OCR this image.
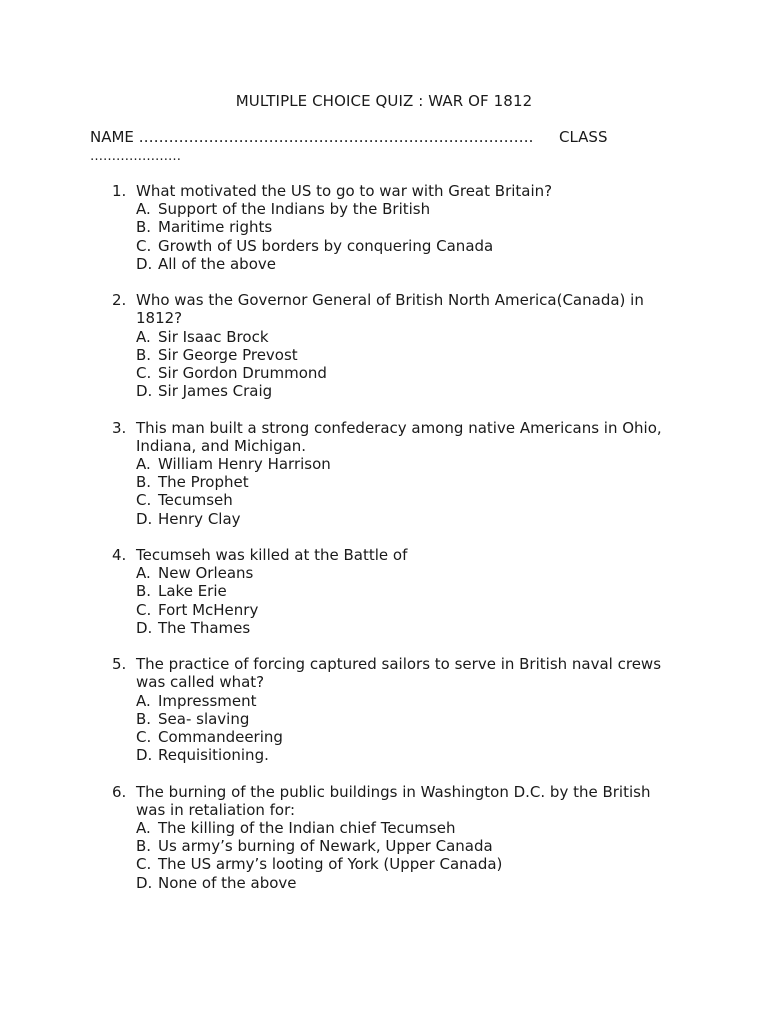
MULTIPLE CHOICE QUIZ : WAR OF 1812
NAME ……………………………………………………………………. CLASS
…………………
1. What motivated the US to go to war with Great Britain?
A. Support of the Indians by the British
B. Maritime rights
C. Growth of US borders by conquering Canada
D. All of the above
2. Who was the Governor General of British North America(Canada) in 1812?
A. Sir Isaac Brock
B. Sir George Prevost
C. Sir Gordon Drummond
D. Sir James Craig
3. This man built a strong confederacy among native Americans in Ohio, Indiana, and Michigan.
A. William Henry Harrison
B. The Prophet
C. Tecumseh
D. Henry Clay
4. Tecumseh was killed at the Battle of
A. New Orleans
B. Lake Erie
C. Fort McHenry
D. The Thames
5. The practice of forcing captured sailors to serve in British naval crews was called what?
A. Impressment
B. Sea- slaving
C. Commandeering
D. Requisitioning.
6. The burning of the public buildings in Washington D.C. by the British was in retaliation for:
A. The killing of the Indian chief Tecumseh
B. Us army’s burning of Newark, Upper Canada
C. The US army’s looting of York (Upper Canada)
D. None of the above
